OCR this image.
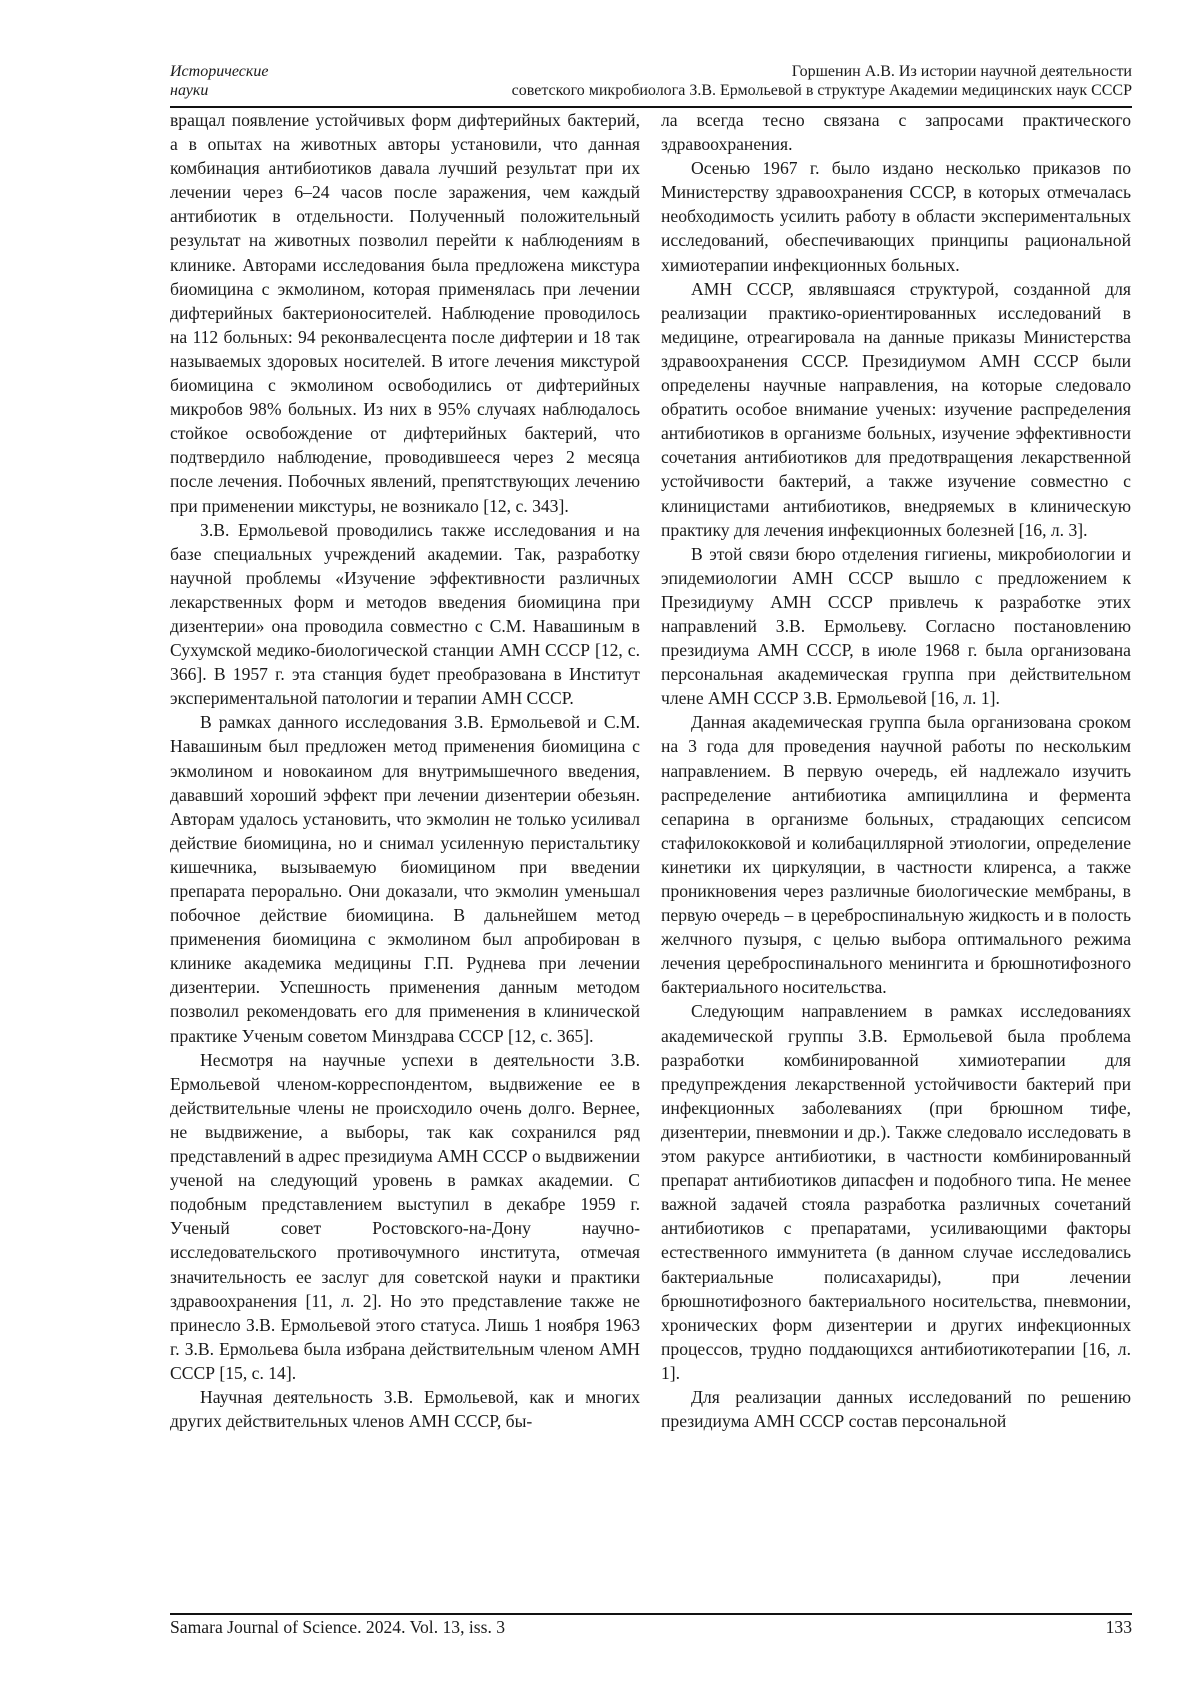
Исторические
науки
Горшенин А.В. Из истории научной деятельности
советского микробиолога З.В. Ермольевой в структуре Академии медицинских наук СССР

вращал появление устойчивых форм дифтерийных бактерий, а в опытах на животных авторы установили, что данная комбинация антибиотиков давала лучший результат при их лечении через 6–24 часов после заражения, чем каждый антибиотик в отдельности. Полученный положительный результат на животных позволил перейти к наблюдениям в клинике. Авторами исследования была предложена микстура биомицина с экмолином, которая применялась при лечении дифтерийных бактерионосителей. Наблюдение проводилось на 112 больных: 94 реконвалесцента после дифтерии и 18 так называемых здоровых носителей. В итоге лечения микстурой биомицина с экмолином освободились от дифтерийных микробов 98% больных. Из них в 95% случаях наблюдалось стойкое освобождение от дифтерийных бактерий, что подтвердило наблюдение, проводившееся через 2 месяца после лечения. Побочных явлений, препятствующих лечению при применении микстуры, не возникало [12, с. 343].

З.В. Ермольевой проводились также исследования и на базе специальных учреждений академии. Так, разработку научной проблемы «Изучение эффективности различных лекарственных форм и методов введения биомицина при дизентерии» она проводила совместно с С.М. Навашиным в Сухумской медико-биологической станции АМН СССР [12, с. 366]. В 1957 г. эта станция будет преобразована в Институт экспериментальной патологии и терапии АМН СССР.

В рамках данного исследования З.В. Ермольевой и С.М. Навашиным был предложен метод применения биомицина с экмолином и новокаином для внутримышечного введения, дававший хороший эффект при лечении дизентерии обезьян. Авторам удалось установить, что экмолин не только усиливал действие биомицина, но и снимал усиленную перистальтику кишечника, вызываемую биомицином при введении препарата перорально. Они доказали, что экмолин уменьшал побочное действие биомицина. В дальнейшем метод применения биомицина с экмолином был апробирован в клинике академика медицины Г.П. Руднева при лечении дизентерии. Успешность применения данным методом позволил рекомендовать его для применения в клинической практике Ученым советом Минздрава СССР [12, с. 365].

Несмотря на научные успехи в деятельности З.В. Ермольевой членом-корреспондентом, выдвижение ее в действительные члены не происходило очень долго. Вернее, не выдвижение, а выборы, так как сохранился ряд представлений в адрес президиума АМН СССР о выдвижении ученой на следующий уровень в рамках академии. С подобным представлением выступил в декабре 1959 г. Ученый совет Ростовского-на-Дону научно-исследовательского противочумного института, отмечая значительность ее заслуг для советской науки и практики здравоохранения [11, л. 2]. Но это представление также не принесло З.В. Ермольевой этого статуса. Лишь 1 ноября 1963 г. З.В. Ермольева была избрана действительным членом АМН СССР [15, с. 14].

Научная деятельность З.В. Ермольевой, как и многих других действительных членов АМН СССР, бы-

ла всегда тесно связана с запросами практического здравоохранения.

Осенью 1967 г. было издано несколько приказов по Министерству здравоохранения СССР, в которых отмечалась необходимость усилить работу в области экспериментальных исследований, обеспечивающих принципы рациональной химиотерапии инфекционных больных.

АМН СССР, являвшаяся структурой, созданной для реализации практико-ориентированных исследований в медицине, отреагировала на данные приказы Министерства здравоохранения СССР. Президиумом АМН СССР были определены научные направления, на которые следовало обратить особое внимание ученых: изучение распределения антибиотиков в организме больных, изучение эффективности сочетания антибиотиков для предотвращения лекарственной устойчивости бактерий, а также изучение совместно с клиницистами антибиотиков, внедряемых в клиническую практику для лечения инфекционных болезней [16, л. 3].

В этой связи бюро отделения гигиены, микробиологии и эпидемиологии АМН СССР вышло с предложением к Президиуму АМН СССР привлечь к разработке этих направлений З.В. Ермольеву. Согласно постановлению президиума АМН СССР, в июле 1968 г. была организована персональная академическая группа при действительном члене АМН СССР З.В. Ермольевой [16, л. 1].

Данная академическая группа была организована сроком на 3 года для проведения научной работы по нескольким направлением. В первую очередь, ей надлежало изучить распределение антибиотика ампициллина и фермента сепарина в организме больных, страдающих сепсисом стафилококковой и колибациллярной этиологии, определение кинетики их циркуляции, в частности клиренса, а также проникновения через различные биологические мембраны, в первую очередь – в цереброспинальную жидкость и в полость желчного пузыря, с целью выбора оптимального режима лечения цереброспинального менингита и брюшнотифозного бактериального носительства.

Следующим направлением в рамках исследованиях академической группы З.В. Ермольевой была проблема разработки комбинированной химиотерапии для предупреждения лекарственной устойчивости бактерий при инфекционных заболеваниях (при брюшном тифе, дизентерии, пневмонии и др.). Также следовало исследовать в этом ракурсе антибиотики, в частности комбинированный препарат антибиотиков дипасфен и подобного типа. Не менее важной задачей стояла разработка различных сочетаний антибиотиков с препаратами, усиливающими факторы естественного иммунитета (в данном случае исследовались бактериальные полисахариды), при лечении брюшнотифозного бактериального носительства, пневмонии, хронических форм дизентерии и других инфекционных процессов, трудно поддающихся антибиотикотерапии [16, л. 1].

Для реализации данных исследований по решению президиума АМН СССР состав персональной

Samara Journal of Science. 2024. Vol. 13, iss. 3	133
